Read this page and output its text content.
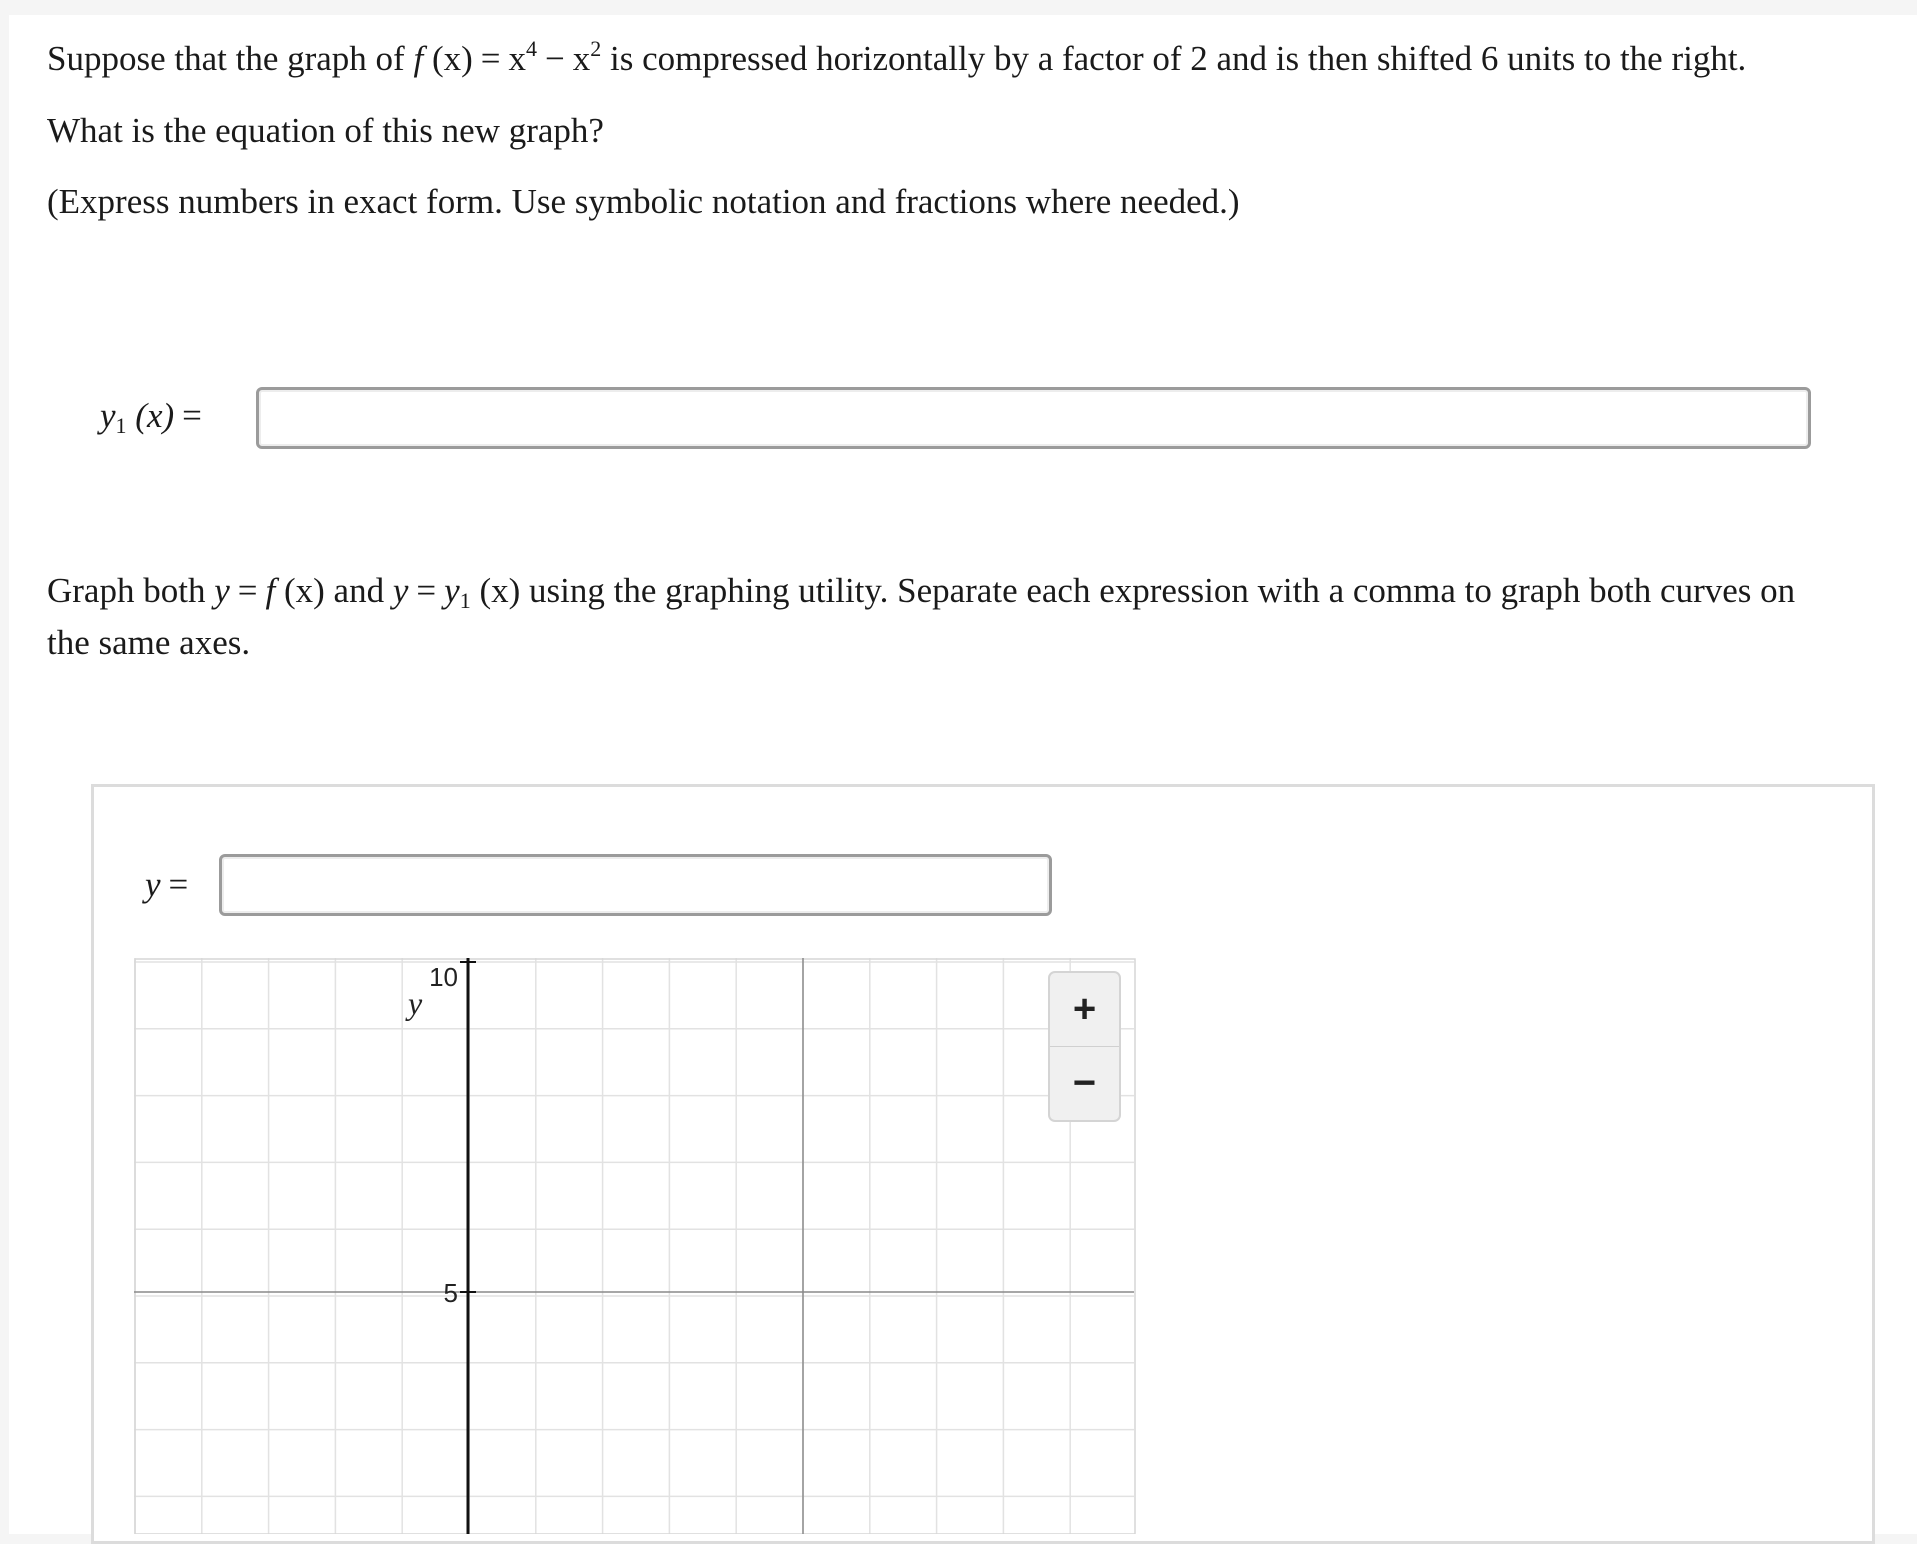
Suppose that the graph of f $(x) = x^4 - x^2$ is compressed horizontally by a factor of 2 and is then shifted 6 units to the right.

What is the equation of this new graph?

(Express numbers in exact form. Use symbolic notation and fractions where needed.)

$y_1$ (x) =

Graph both y = f (x) and $y = y_1$ (x) using the graphing utility. Separate each expression with a comma to graph both curves on

the same axes.

y =
10
5
y	+
−
